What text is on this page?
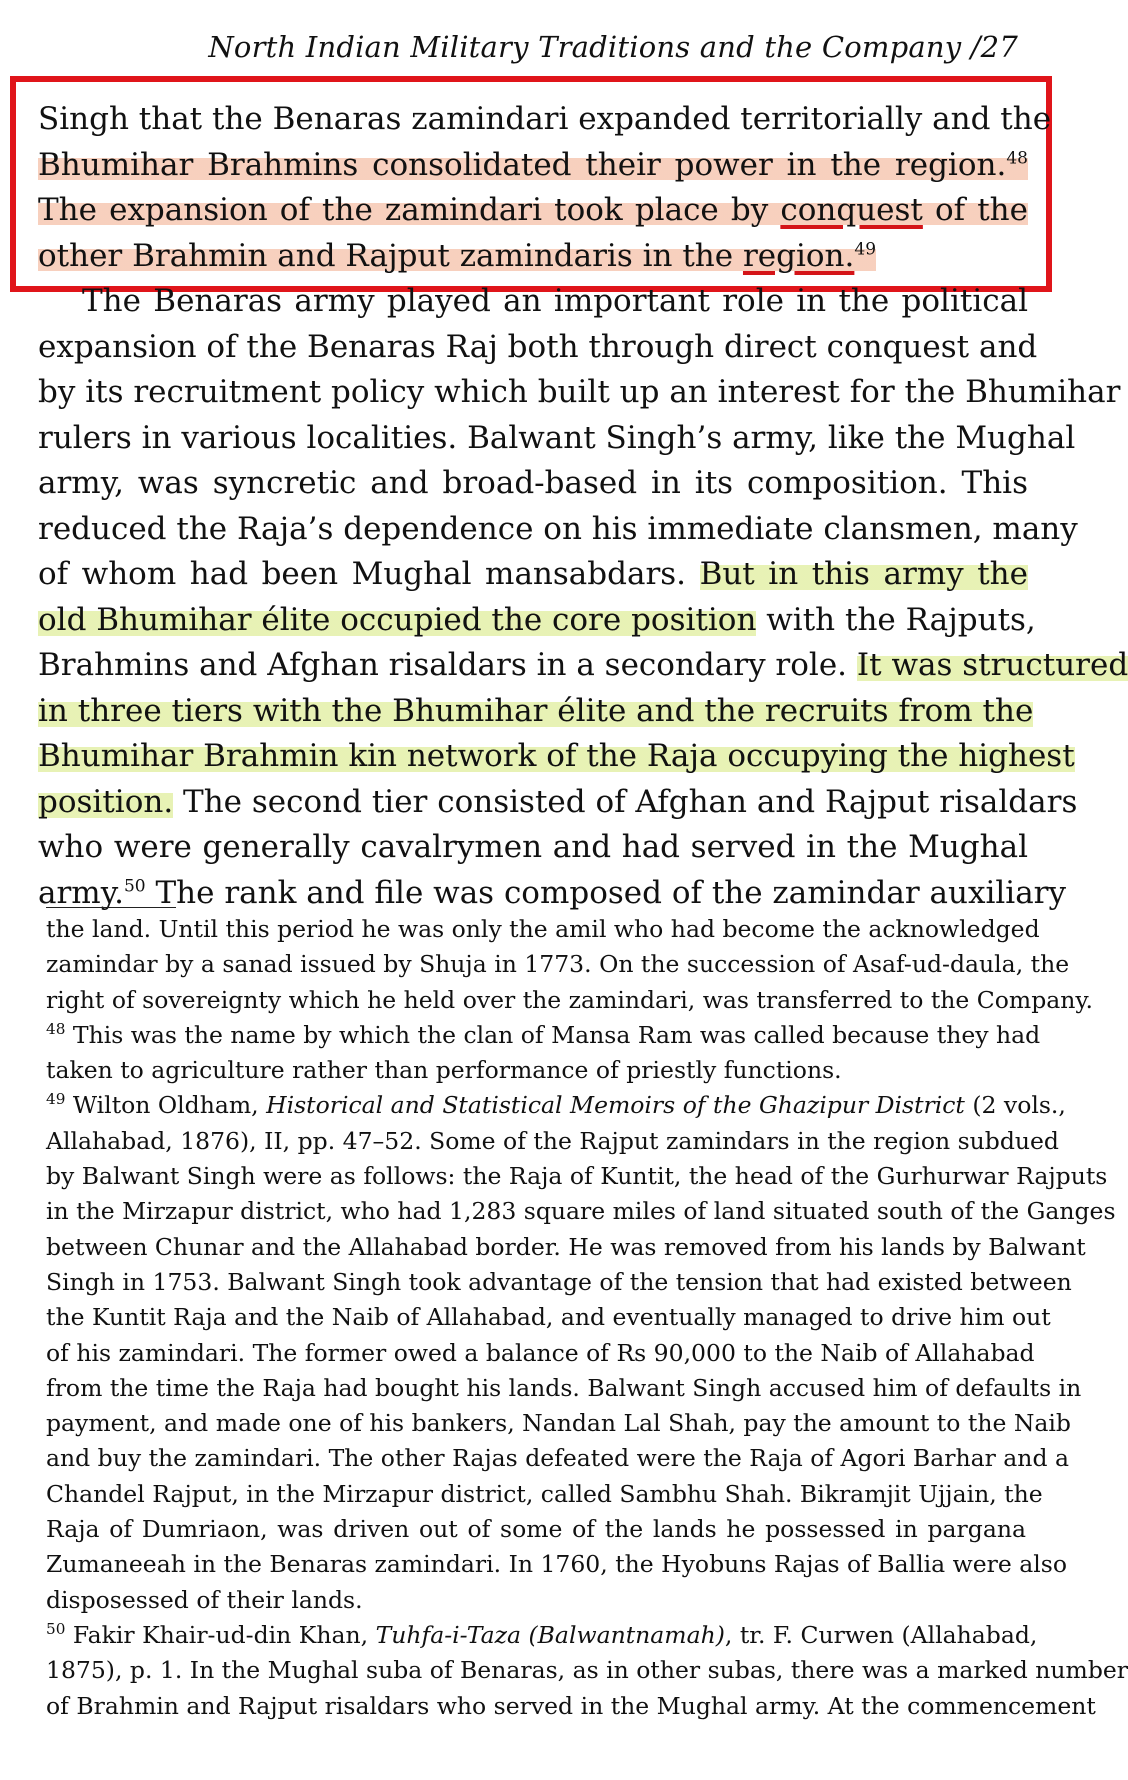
North Indian Military Traditions and the Company /27
Singh that the Benaras zamindari expanded territorially and the
Bhumihar Brahmins consolidated their power in the region.$^{48}$
The expansion of the zamindari took place by conquest of the
other Brahmin and Rajput zamindaris in the region.$^{49}$
The Benaras army played an important role in the political
expansion of the Benaras Raj both through direct conquest and
by its recruitment policy which built up an interest for the Bhumihar
rulers in various localities. Balwant Singh’s army, like the Mughal
army, was syncretic and broad-based in its composition. This
reduced the Raja’s dependence on his immediate clansmen, many
of whom had been Mughal mansabdars. But in this army the
old Bhumihar élite occupied the core position with the Rajputs,
Brahmins and Afghan risaldars in a secondary role. It was structured
in three tiers with the Bhumihar élite and the recruits from the
Bhumihar Brahmin kin network of the Raja occupying the highest
position. The second tier consisted of Afghan and Rajput risaldars
who were generally cavalrymen and had served in the Mughal
army.$^{50}$ The rank and file was composed of the zamindar auxiliary
the land. Until this period he was only the amil who had become the acknowledged
zamindar by a sanad issued by Shuja in 1773. On the succession of Asaf-ud-daula, the
right of sovereignty which he held over the zamindari, was transferred to the Company.
$^{48}$ This was the name by which the clan of Mansa Ram was called because they had
taken to agriculture rather than performance of priestly functions.
$^{49}$ Wilton Oldham, Historical and Statistical Memoirs of the Ghazipur District (2 vols.,
Allahabad, 1876), II, pp. 47–52. Some of the Rajput zamindars in the region subdued
by Balwant Singh were as follows: the Raja of Kuntit, the head of the Gurhurwar Rajputs
in the Mirzapur district, who had 1,283 square miles of land situated south of the Ganges
between Chunar and the Allahabad border. He was removed from his lands by Balwant
Singh in 1753. Balwant Singh took advantage of the tension that had existed between
the Kuntit Raja and the Naib of Allahabad, and eventually managed to drive him out
of his zamindari. The former owed a balance of Rs 90,000 to the Naib of Allahabad
from the time the Raja had bought his lands. Balwant Singh accused him of defaults in
payment, and made one of his bankers, Nandan Lal Shah, pay the amount to the Naib
and buy the zamindari. The other Rajas defeated were the Raja of Agori Barhar and a
Chandel Rajput, in the Mirzapur district, called Sambhu Shah. Bikramjit Ujjain, the
Raja of Dumriaon, was driven out of some of the lands he possessed in pargana
Zumaneeah in the Benaras zamindari. In 1760, the Hyobuns Rajas of Ballia were also
disposessed of their lands.
$^{50}$ Fakir Khair-ud-din Khan, Tuhfa-i-Taza (Balwantnamah), tr. F. Curwen (Allahabad,
1875), p. 1. In the Mughal suba of Benaras, as in other subas, there was a marked number
of Brahmin and Rajput risaldars who served in the Mughal army. At the commencement
